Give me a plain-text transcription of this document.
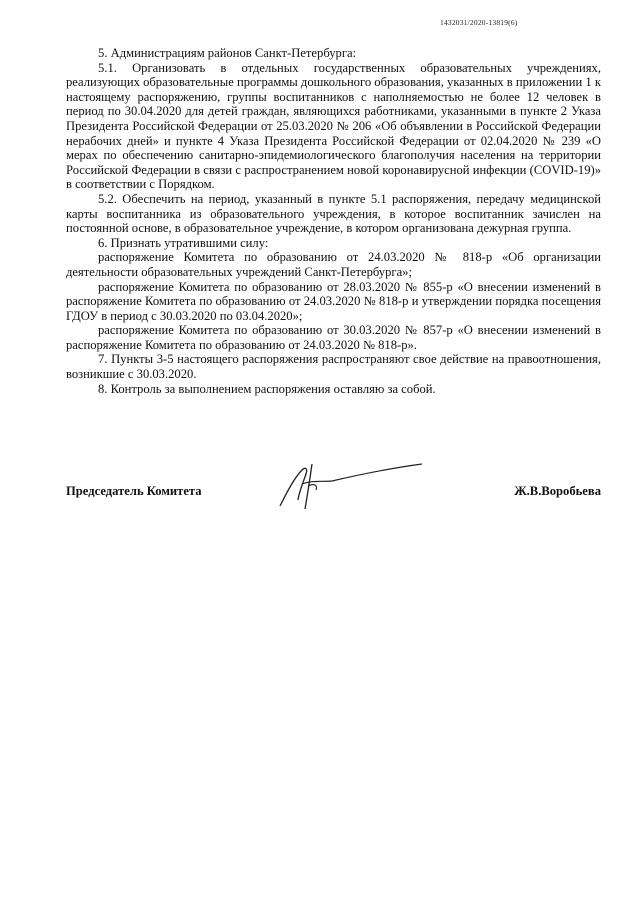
1432031/2020-13819(6)

5. Администрациям районов Санкт-Петербурга:

5.1. Организовать в отдельных государственных образовательных учреждениях, реализующих образовательные программы дошкольного образования, указанных в приложении 1 к настоящему распоряжению, группы воспитанников с наполняемостью не более 12 человек в период по 30.04.2020 для детей граждан, являющихся работниками, указанными в пункте 2 Указа Президента Российской Федерации от 25.03.2020 № 206 «Об объявлении в Российской Федерации нерабочих дней» и пункте 4 Указа Президента Российской Федерации от 02.04.2020 № 239 «О мерах по обеспечению санитарно-эпидемиологического благополучия населения на территории Российской Федерации в связи с распространением новой коронавирусной инфекции (COVID-19)» в соответствии с Порядком.

5.2. Обеспечить на период, указанный в пункте 5.1 распоряжения, передачу медицинской карты воспитанника из образовательного учреждения, в которое воспитанник зачислен на постоянной основе, в образовательное учреждение, в котором организована дежурная группа.

6. Признать утратившими силу:

распоряжение Комитета по образованию от 24.03.2020 № 818-р «Об организации деятельности образовательных учреждений Санкт-Петербурга»;

распоряжение Комитета по образованию от 28.03.2020 № 855-р «О внесении изменений в распоряжение Комитета по образованию от 24.03.2020 № 818-р и утверждении порядка посещения ГДОУ в период с 30.03.2020 по 03.04.2020»;

распоряжение Комитета по образованию от 30.03.2020 № 857-р «О внесении изменений в распоряжение Комитета по образованию от 24.03.2020 № 818-р».

7. Пункты 3-5 настоящего распоряжения распространяют свое действие на правоотношения, возникшие с 30.03.2020.

8. Контроль за выполнением распоряжения оставляю за собой.

Председатель Комитета	Ж.В.Воробьева
